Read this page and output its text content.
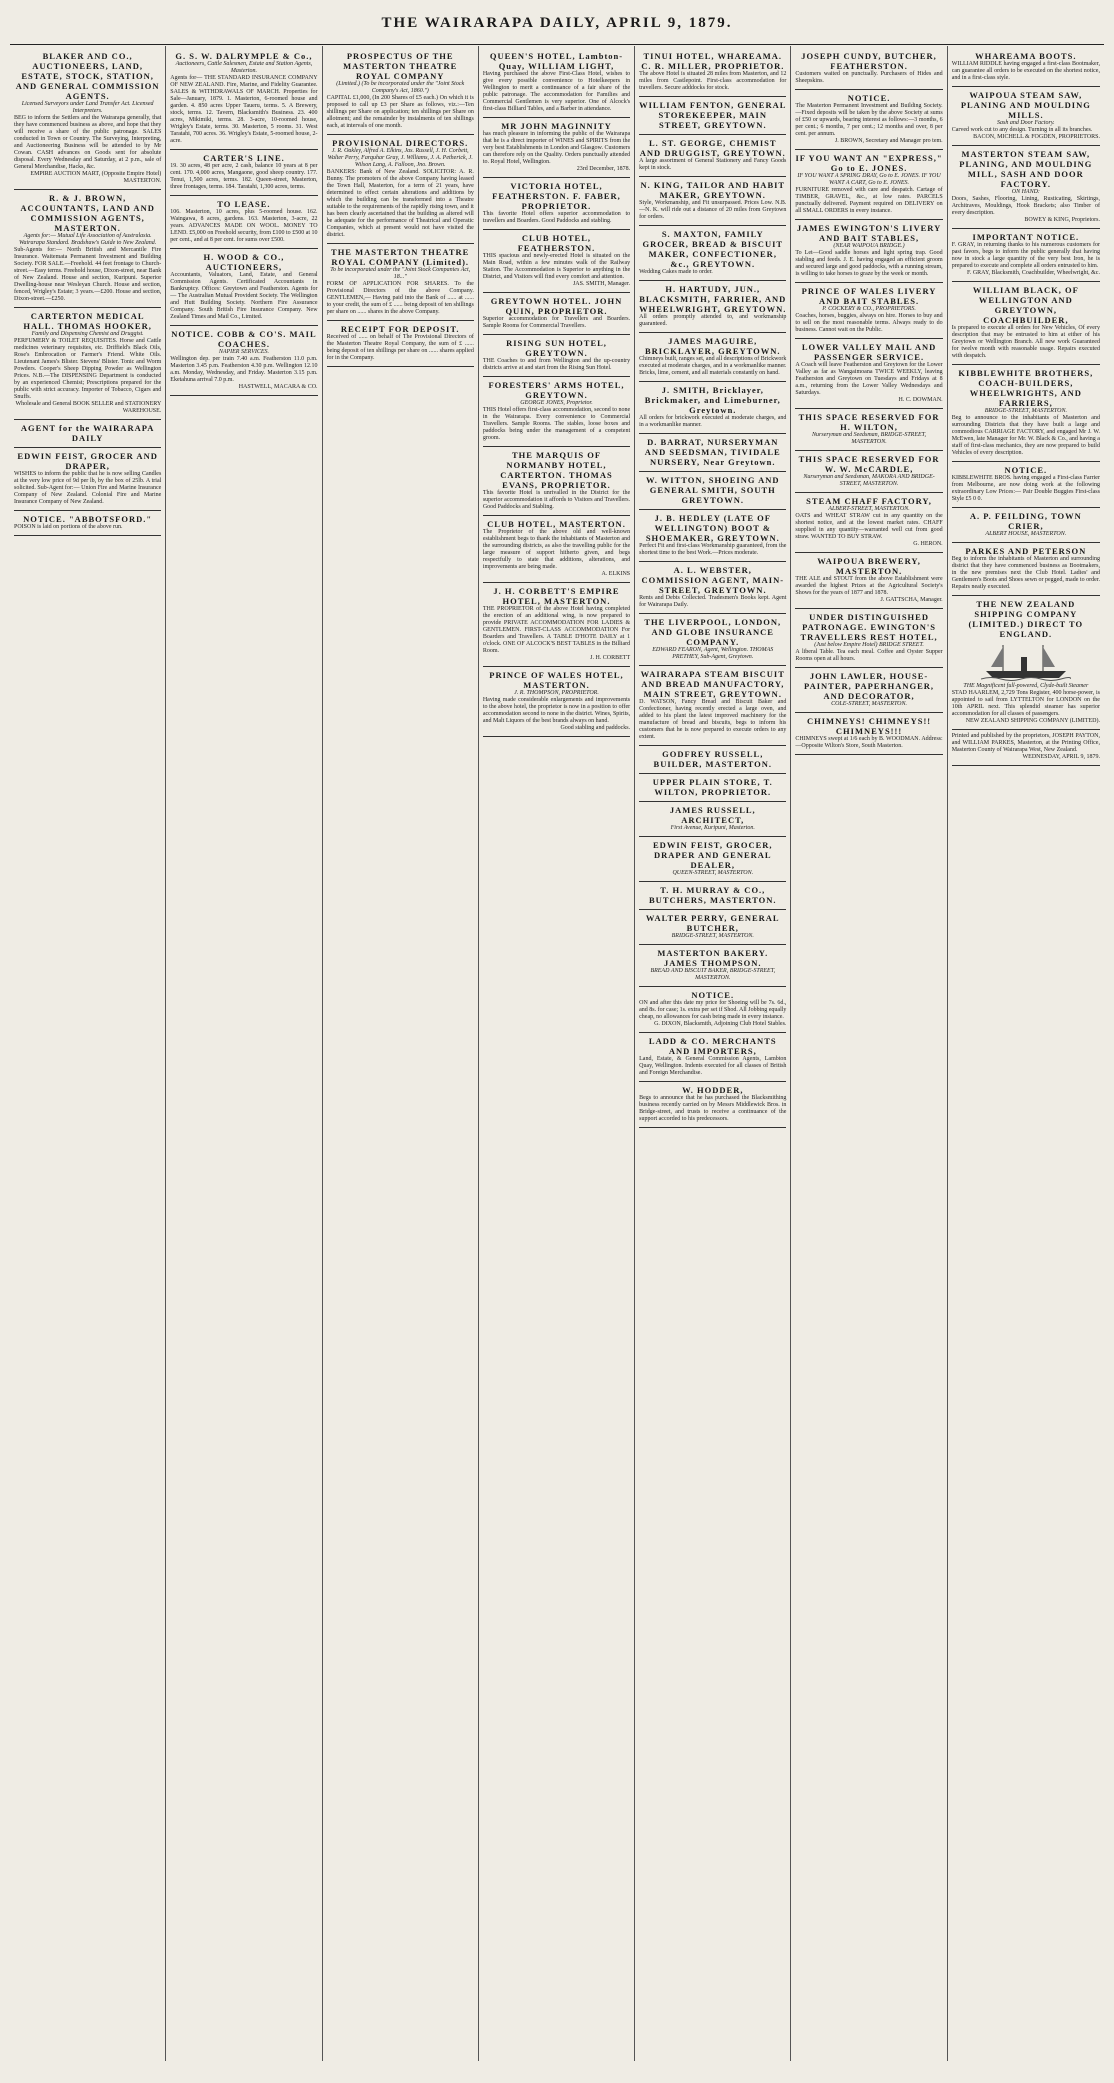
THE WAIRARAPA DAILY, APRIL 9, 1879.
BLAKER AND CO., AUCTIONEERS, LAND, ESTATE, STOCK, STATION, AND GENERAL COMMISSION AGENTS.
Licensed Surveyors under Land Transfer Act. Licensed Interpreters.
BEG to inform the Settlers and the Wairarapa generally, that they have commenced business as above, and hope that they will receive a share of the public patronage. SALES conducted in Town or Country. The Surveying, Interpreting, and Auctioneering Business will be attended to by Mr Cowan. CASH advances on Goods sent for absolute disposal. Every Wednesday and Saturday, at 2 p.m., sale of General Merchandise, Hacks, &c.
EMPIRE AUCTION MART, (Opposite Empire Hotel) MASTERTON.
R. & J. BROWN, ACCOUNTANTS, LAND AND COMMISSION AGENTS, MASTERTON.
Agents for:— Mutual Life Association of Australasia. Wairarapa Standard. Bradshaw's Guide to New Zealand.
Sub-Agents for:— North British and Mercantile Fire Insurance. Waitemata Permanent Investment and Building Society. FOR SALE.—Freehold. 44 feet frontage to Church-street.—Easy terms. Freehold house, Dixon-street, near Bank of New Zealand. House and section, Kuripuni. Superior Dwelling-house near Wesleyan Church. House and section, fenced, Wrigley's Estate; 3 years.—£200. House and section, Dixon-street.—£250.
CARTERTON MEDICAL HALL. THOMAS HOOKER,
Family and Dispensing Chemist and Druggist.
PERFUMERY & TOILET REQUISITES. Horse and Cattle medicines veterinary requisites, etc. Driffield's Black Oils, Rose's Embrocation or Farmer's Friend. White Oils. Lieutenant James's Blister. Stevens' Blister. Tonic and Worm Powders. Cooper's Sheep Dipping Powder as Wellington Prices. N.B.—The DISPENSING Department is conducted by an experienced Chemist; Prescriptions prepared for the public with strict accuracy. Importer of Tobacco, Cigars and Snuffs.
Wholesale and General BOOK SELLER and STATIONERY WAREHOUSE.
AGENT for the WAIRARAPA DAILY
EDWIN FEIST, GROCER AND DRAPER,
WISHES to inform the public that he is now selling Candles at the very low price of 9d per lb, by the box of 25lb. A trial solicited. Sub-Agent for:— Union Fire and Marine Insurance Company of New Zealand. Colonial Fire and Marine Insurance Company of New Zealand.
NOTICE. "ABBOTSFORD."
POISON is laid on portions of the above run.
G. S. W. DALRYMPLE & Co.,
Auctioneers, Cattle Salesmen, Estate and Station Agents, Masterton.
Agents for— THE STANDARD INSURANCE COMPANY OF NEW ZEALAND. Fire, Marine, and Fidelity Guarantee. SALES & WITHDRAWALS OF MARCH. Properties for Sale—January, 1879. 1. Masterton, 6-roomed house and garden. 4. 850 acres Upper Taueru, terms. 5. A Brewery, stock, terms. 12. Tavern, Blacksmith's Business. 23. 400 acres, Mikimiki, terms. 28. 3-acre, 10-roomed house, Wrigley's Estate, terms. 30. Masterton, 5 rooms. 31. West Taratahi, 700 acres. 36. Wrigley's Estate, 5-roomed house, 2-acre.
CARTER'S LINE.
19. 30 acres, 48 per acre, 2 cash, balance 10 years at 8 per cent. 170. 4,000 acres, Mangaone, good sheep country. 177. Tenui, 1,500 acres, terms. 182. Queen-street, Masterton, three frontages, terms. 184. Taratahi, 1,300 acres, terms.
TO LEASE.
106. Masterton, 10 acres, plus 5-roomed house. 162. Waingawa, 8 acres, gardens. 163. Masterton, 3-acre, 22 years. ADVANCES MADE ON WOOL. MONEY TO LEND. £5,000 on Freehold security, from £100 to £500 at 10 per cent., and at 8 per cent. for sums over £500.
H. WOOD & CO., AUCTIONEERS,
Accountants, Valuators, Land, Estate, and General Commission Agents. Certificated Accountants in Bankruptcy. Offices: Greytown and Featherston. Agents for— The Australian Mutual Provident Society. The Wellington and Hutt Building Society. Northern Fire Assurance Company. South British Fire Insurance Company. New Zealand Times and Mail Co., Limited.
NOTICE. COBB & CO'S. MAIL COACHES.
NAPIER SERVICES.
Wellington dep. per train 7.40 a.m. Featherston 11.0 p.m. Masterton 3.45 p.m. Featherston 4.30 p.m. Wellington 12.10 a.m. Monday, Wednesday, and Friday. Masterton 3.15 p.m. Eketahuna arrival 7.0 p.m.
HASTWELL, MACARA & CO.
PROSPECTUS OF THE MASTERTON THEATRE ROYAL COMPANY
(Limited.) (To be incorporated under the "Joint Stock Company's Act, 1860.")
CAPITAL £1,000, (In 200 Shares of £5 each.) On which it is proposed to call up £3 per Share as follows, viz.:—Ten shillings per Share on application; ten shillings per Share on allotment; and the remainder by instalments of ten shillings each, at intervals of one month.
PROVISIONAL DIRECTORS.
J. R. Oakley, Alfred A. Elkins, Jas. Russell, J. H. Corbett, Walter Perry, Farquhar Gray, J. Williams, J. A. Petherick, J. Wilson Lang, A. Falloon, Jno. Brown.
BANKERS: Bank of New Zealand. SOLICITOR: A. R. Bunny. The promoters of the above Company having leased the Town Hall, Masterton, for a term of 21 years, have determined to effect certain alterations and additions by which the building can be transformed into a Theatre suitable to the requirements of the rapidly rising town, and it has been clearly ascertained that the building as altered will be adequate for the performance of Theatrical and Operatic Companies, which at present would not have visited the district.
THE MASTERTON THEATRE ROYAL COMPANY (Limited).
To be incorporated under the "Joint Stock Companies Act, 18..."
FORM OF APPLICATION FOR SHARES. To the Provisional Directors of the above Company. GENTLEMEN,— Having paid into the Bank of ...... at ...... to your credit, the sum of £ ...... being deposit of ten shillings per share on ...... shares in the above Company.
RECEIPT FOR DEPOSIT.
Received of ...... on behalf of The Provisional Directors of the Masterton Theatre Royal Company, the sum of £ ...... being deposit of ten shillings per share on ...... shares applied for in the Company.
QUEEN'S HOTEL, Lambton-Quay, WILLIAM LIGHT,
Having purchased the above First-Class Hotel, wishes to give every possible convenience to Hotelkeepers in Wellington to merit a continuance of a fair share of the public patronage. The accommodation for Families and Commercial Gentlemen is very superior. One of Alcock's first-class Billiard Tables, and a Barber in attendance.
MR JOHN MAGINNITY
has much pleasure in informing the public of the Wairarapa that he is a direct importer of WINES and SPIRITS from the very best Establishments in London and Glasgow. Customers can therefore rely on the Quality. Orders punctually attended to. Royal Hotel, Wellington.
23rd December, 1878.
VICTORIA HOTEL, FEATHERSTON. F. FABER, PROPRIETOR.
This favorite Hotel offers superior accommodation to travellers and Boarders. Good Paddocks and stabling.
CLUB HOTEL, FEATHERSTON.
THIS spacious and newly-erected Hotel is situated on the Main Road, within a few minutes walk of the Railway Station. The Accommodation is Superior to anything in the District, and Visitors will find every comfort and attention.
JAS. SMITH, Manager.
GREYTOWN HOTEL. JOHN QUIN, PROPRIETOR.
Superior accommodation for Travellers and Boarders. Sample Rooms for Commercial Travellers.
RISING SUN HOTEL, GREYTOWN.
THE Coaches to and from Wellington and the up-country districts arrive at and start from the Rising Sun Hotel.
FORESTERS' ARMS HOTEL, GREYTOWN.
GEORGE JONES, Proprietor.
THIS Hotel offers first-class accommodation, second to none in the Wairarapa. Every convenience to Commercial Travellers. Sample Rooms. The stables, loose boxes and paddocks being under the management of a competent groom.
THE MARQUIS OF NORMANBY HOTEL, CARTERTON. THOMAS EVANS, PROPRIETOR.
This favorite Hotel is unrivalled in the District for the superior accommodation it affords to Visitors and Travellers. Good Paddocks and Stabling.
CLUB HOTEL, MASTERTON.
The Proprietor of the above old and well-known establishment begs to thank the inhabitants of Masterton and the surrounding districts, as also the travelling public for the large measure of support hitherto given, and begs respectfully to state that additions, alterations, and improvements are being made.
A. ELKINS
J. H. CORBETT'S EMPIRE HOTEL, MASTERTON.
THE PROPRIETOR of the above Hotel having completed the erection of an additional wing, is now prepared to provide PRIVATE ACCOMMODATION FOR LADIES & GENTLEMEN. FIRST-CLASS ACCOMMODATION For Boarders and Travellers. A TABLE D'HOTE DAILY at 1 o'clock. ONE OF ALCOCK'S BEST TABLES in the Billiard Room.
J. H. CORBETT
PRINCE OF WALES HOTEL, MASTERTON.
J. R. THOMPSON, PROPRIETOR.
Having made considerable enlargements and improvements to the above hotel, the proprietor is now in a position to offer accommodation second to none in the district. Wines, Spirits, and Malt Liquors of the best brands always on hand.
Good stabling and paddocks.
TINUI HOTEL, WHAREAMA. C. R. MILLER, PROPRIETOR.
The above Hotel is situated 28 miles from Masterton, and 12 miles from Castlepoint. First-class accommodation for travellers. Secure adddocks for stock.
WILLIAM FENTON, GENERAL STOREKEEPER, MAIN STREET, GREYTOWN.
L. ST. GEORGE, CHEMIST AND DRUGGIST, GREYTOWN.
A large assortment of General Stationery and Fancy Goods kept in stock.
N. KING, TAILOR AND HABIT MAKER, GREYTOWN.
Style, Workmanship, and Fit unsurpassed. Prices Low. N.B.—N. K. will ride out a distance of 20 miles from Greytown for orders.
S. MAXTON, FAMILY GROCER, BREAD & BISCUIT MAKER, CONFECTIONER, &c., GREYTOWN.
Wedding Cakes made to order.
H. HARTUDY, JUN., BLACKSMITH, FARRIER, AND WHEELWRIGHT, GREYTOWN.
All orders promptly attended to, and workmanship guaranteed.
JAMES MAGUIRE, BRICKLAYER, GREYTOWN.
Chimneys built, ranges set, and all descriptions of Brickwork executed at moderate charges, and in a workmanlike manner. Bricks, lime, cement, and all materials constantly on hand.
J. SMITH, Bricklayer, Brickmaker, and Limeburner, Greytown.
All orders for brickwork executed at moderate charges, and in a workmanlike manner.
D. BARRAT, NURSERYMAN AND SEEDSMAN, TIVIDALE NURSERY, Near Greytown.
W. WITTON, SHOEING AND GENERAL SMITH, SOUTH GREYTOWN.
J. B. HEDLEY (LATE OF WELLINGTON) BOOT & SHOEMAKER, GREYTOWN.
Perfect Fit and first-class Workmanship guaranteed, from the shortest time to the best Work.—Prices moderate.
A. L. WEBSTER, COMMISSION AGENT, MAIN-STREET, GREYTOWN.
Rents and Debts Collected. Tradesmen's Books kept. Agent for Wairarapa Daily.
THE LIVERPOOL, LONDON, AND GLOBE INSURANCE COMPANY.
EDWARD FEARON, Agent, Wellington. THOMAS PRETHEY, Sub-Agent, Greytown.
WAIRARAPA STEAM BISCUIT AND BREAD MANUFACTORY, MAIN STREET, GREYTOWN.
D. WATSON, Fancy Bread and Biscuit Baker and Confectioner, having recently erected a large oven, and added to his plant the latest improved machinery for the manufacture of bread and biscuits, begs to inform his customers that he is now prepared to execute orders to any extent.
GODFREY RUSSELL, BUILDER, MASTERTON.
UPPER PLAIN STORE, T. WILTON, PROPRIETOR.
JAMES RUSSELL, ARCHITECT,
First Avenue, Kuripuni, Masterton.
EDWIN FEIST, GROCER, DRAPER AND GENERAL DEALER,
QUEEN-STREET, MASTERTON.
T. H. MURRAY & CO., BUTCHERS, MASTERTON.
WALTER PERRY, GENERAL BUTCHER,
BRIDGE-STREET, MASTERTON.
MASTERTON BAKERY. JAMES THOMPSON.
BREAD AND BISCUIT BAKER, BRIDGE-STREET, MASTERTON.
NOTICE.
ON and after this date my price for Shoeing will be 7s. 6d., and 8s. for case; 1s. extra per set if Shod. All Jobbing equally cheap, no allowances for cash being made in every instance.
G. DIXON, Blacksmith, Adjoining Club Hotel Stables.
LADD & CO. MERCHANTS AND IMPORTERS,
Land, Estate, & General Commission Agents, Lambton Quay, Wellington. Indents executed for all classes of British and Foreign Merchandise.
W. HODDER,
Begs to announce that he has purchased the Blacksmithing business recently carried on by Messrs Middlewick Bros. in Bridge-street, and trusts to receive a continuance of the support accorded to his predecessors.
JOSEPH CUNDY, BUTCHER, FEATHERSTON.
Customers waited on punctually. Purchasers of Hides and Sheepskins.
NOTICE.
The Masterton Permanent Investment and Building Society.—Fixed deposits will be taken by the above Society at sums of £50 or upwards, bearing interest as follows:—3 months, 6 per cent.; 6 months, 7 per cent.; 12 months and over, 8 per cent. per annum.
J. BROWN, Secretary and Manager pro tem.
IF YOU WANT AN "EXPRESS," Go to E. JONES.
IF YOU WANT A SPRING DRAY, Go to E. JONES. IF YOU WANT A CART, Go to E. JONES.
FURNITURE removed with care and despatch. Cartage of TIMBER, GRAVEL, &c., at low rates. PARCELS punctually delivered. Payment required on DELIVERY on all SMALL ORDERS in every instance.
JAMES EWINGTON'S LIVERY AND BAIT STABLES,
(NEAR WAIPOUA BRIDGE.)
To Let—Good saddle horses and light spring trap. Good stabling and feeds. J. E. having engaged an efficient groom and secured large and good paddocks, with a running stream, is willing to take horses to graze by the week or month.
PRINCE OF WALES LIVERY AND BAIT STABLES.
P. COCKERY & CO., PROPRIETORS.
Coaches, horses, buggies, always on hire. Horses to buy and to sell on the most reasonable terms. Always ready to do business. Cannot wait on the Public.
LOWER VALLEY MAIL AND PASSENGER SERVICE.
A Coach will leave Featherston and Greytown for the Lower Valley as far as Wangaimoana TWICE WEEKLY, leaving Featherston and Greytown on Tuesdays and Fridays at 8 a.m., returning from the Lower Valley Wednesdays and Saturdays.
H. C. DOWMAN.
THIS SPACE RESERVED FOR H. WILTON,
Nurseryman and Seedsman, BRIDGE-STREET, MASTERTON.
THIS SPACE RESERVED FOR W. W. McCARDLE,
Nurseryman and Seedsman, MAKORA AND BRIDGE-STREET, MASTERTON.
STEAM CHAFF FACTORY,
ALBERT-STREET, MASTERTON.
OATS and WHEAT STRAW cut in any quantity on the shortest notice, and at the lowest market rates. CHAFF supplied in any quantity—warranted well cut from good straw. WANTED TO BUY STRAW.
G. HERON.
WAIPOUA BREWERY, MASTERTON.
THE ALE and STOUT from the above Establishment were awarded the highest Prizes at the Agricultural Society's Shows for the years of 1877 and 1878.
J. GATTSCHA, Manager.
UNDER DISTINGUISHED PATRONAGE. EWINGTON'S TRAVELLERS REST HOTEL,
(Just below Empire Hotel) BRIDGE STREET.
A liberal Table. Tea each meal. Coffee and Oyster Supper Rooms open at all hours.
JOHN LAWLER, HOUSE-PAINTER, PAPERHANGER, AND DECORATOR,
COLE-STREET, MASTERTON.
CHIMNEYS! CHIMNEYS!! CHIMNEYS!!!
CHIMNEYS swept at 1/6 each by B. WOODMAN. Address:—Opposite Wilton's Store, South Masterton.
WHAREAMA BOOTS.
WILLIAM RIDDLE having engaged a first-class Bootmaker, can guarantee all orders to be executed on the shortest notice, and in a first-class style.
WAIPOUA STEAM SAW, PLANING AND MOULDING MILLS.
Sash and Door Factory.
Carved work cut to any design. Turning in all its branches.
BACON, MICHELL & FOGDEN, PROPRIETORS.
MASTERTON STEAM SAW, PLANING, AND MOULDING MILL, SASH AND DOOR FACTORY.
ON HAND:
Doors, Sashes, Flooring, Lining, Rusticating, Skirtings, Architraves, Mouldings, Hook Brackets; also Timber of every description.
BOWEY & KING, Proprietors.
IMPORTANT NOTICE.
F. GRAY, in returning thanks to his numerous customers for past favors, begs to inform the public generally that having now in stock a large quantity of the very best Iron, he is prepared to execute and complete all orders entrusted to him.
F. GRAY, Blacksmith, Coachbuilder, Wheelwright, &c.
WILLIAM BLACK, OF WELLINGTON AND GREYTOWN, COACHBUILDER,
Is prepared to execute all orders for New Vehicles, Of every description that may be entrusted to him at either of his Greytown or Wellington Branch. All new work Guaranteed for twelve month with reasonable usage. Repairs executed with despatch.
KIBBLEWHITE BROTHERS, COACH-BUILDERS, WHEELWRIGHTS, AND FARRIERS,
BRIDGE-STREET, MASTERTON.
Beg to announce to the inhabitants of Masterton and surrounding Districts that they have built a large and commodious CARRIAGE FACTORY, and engaged Mr J. W. McEwen, late Manager for Mr. W. Black & Co., and having a staff of first-class mechanics, they are now prepared to build Vehicles of every description.
NOTICE.
KIBBLEWHITE BROS. having engaged a First-class Farrier from Melbourne, are now doing work at the following extraordinary Low Prices:— Pair Double Buggies First-class Style £5 0 0.
A. P. FEILDING, TOWN CRIER,
ALBERT HOUSE, MASTERTON.
PARKES AND PETERSON
Beg to inform the inhabitants of Masterton and surrounding district that they have commenced business as Bootmakers, in the new premises next the Club Hotel. Ladies' and Gentlemen's Boots and Shoes sewn or pegged, made to order. Repairs neatly executed.
THE NEW ZEALAND SHIPPING COMPANY (LIMITED.) DIRECT TO ENGLAND.
THE Magnificent full-powered, Clyde-built Steamer
STAD HAARLEM, 2,729 Tons Register, 400 horse-power, is appointed to sail from LYTTELTON for LONDON on the 10th APRIL next. This splendid steamer has superior accommodation for all classes of passengers.
NEW ZEALAND SHIPPING COMPANY (LIMITED).
Printed and published by the proprietors, JOSEPH PAYTON, and WILLIAM PARKES, Masterton, at the Printing Office, Masterton County of Wairarapa West, New Zealand.
WEDNESDAY, APRIL 9, 1879.
